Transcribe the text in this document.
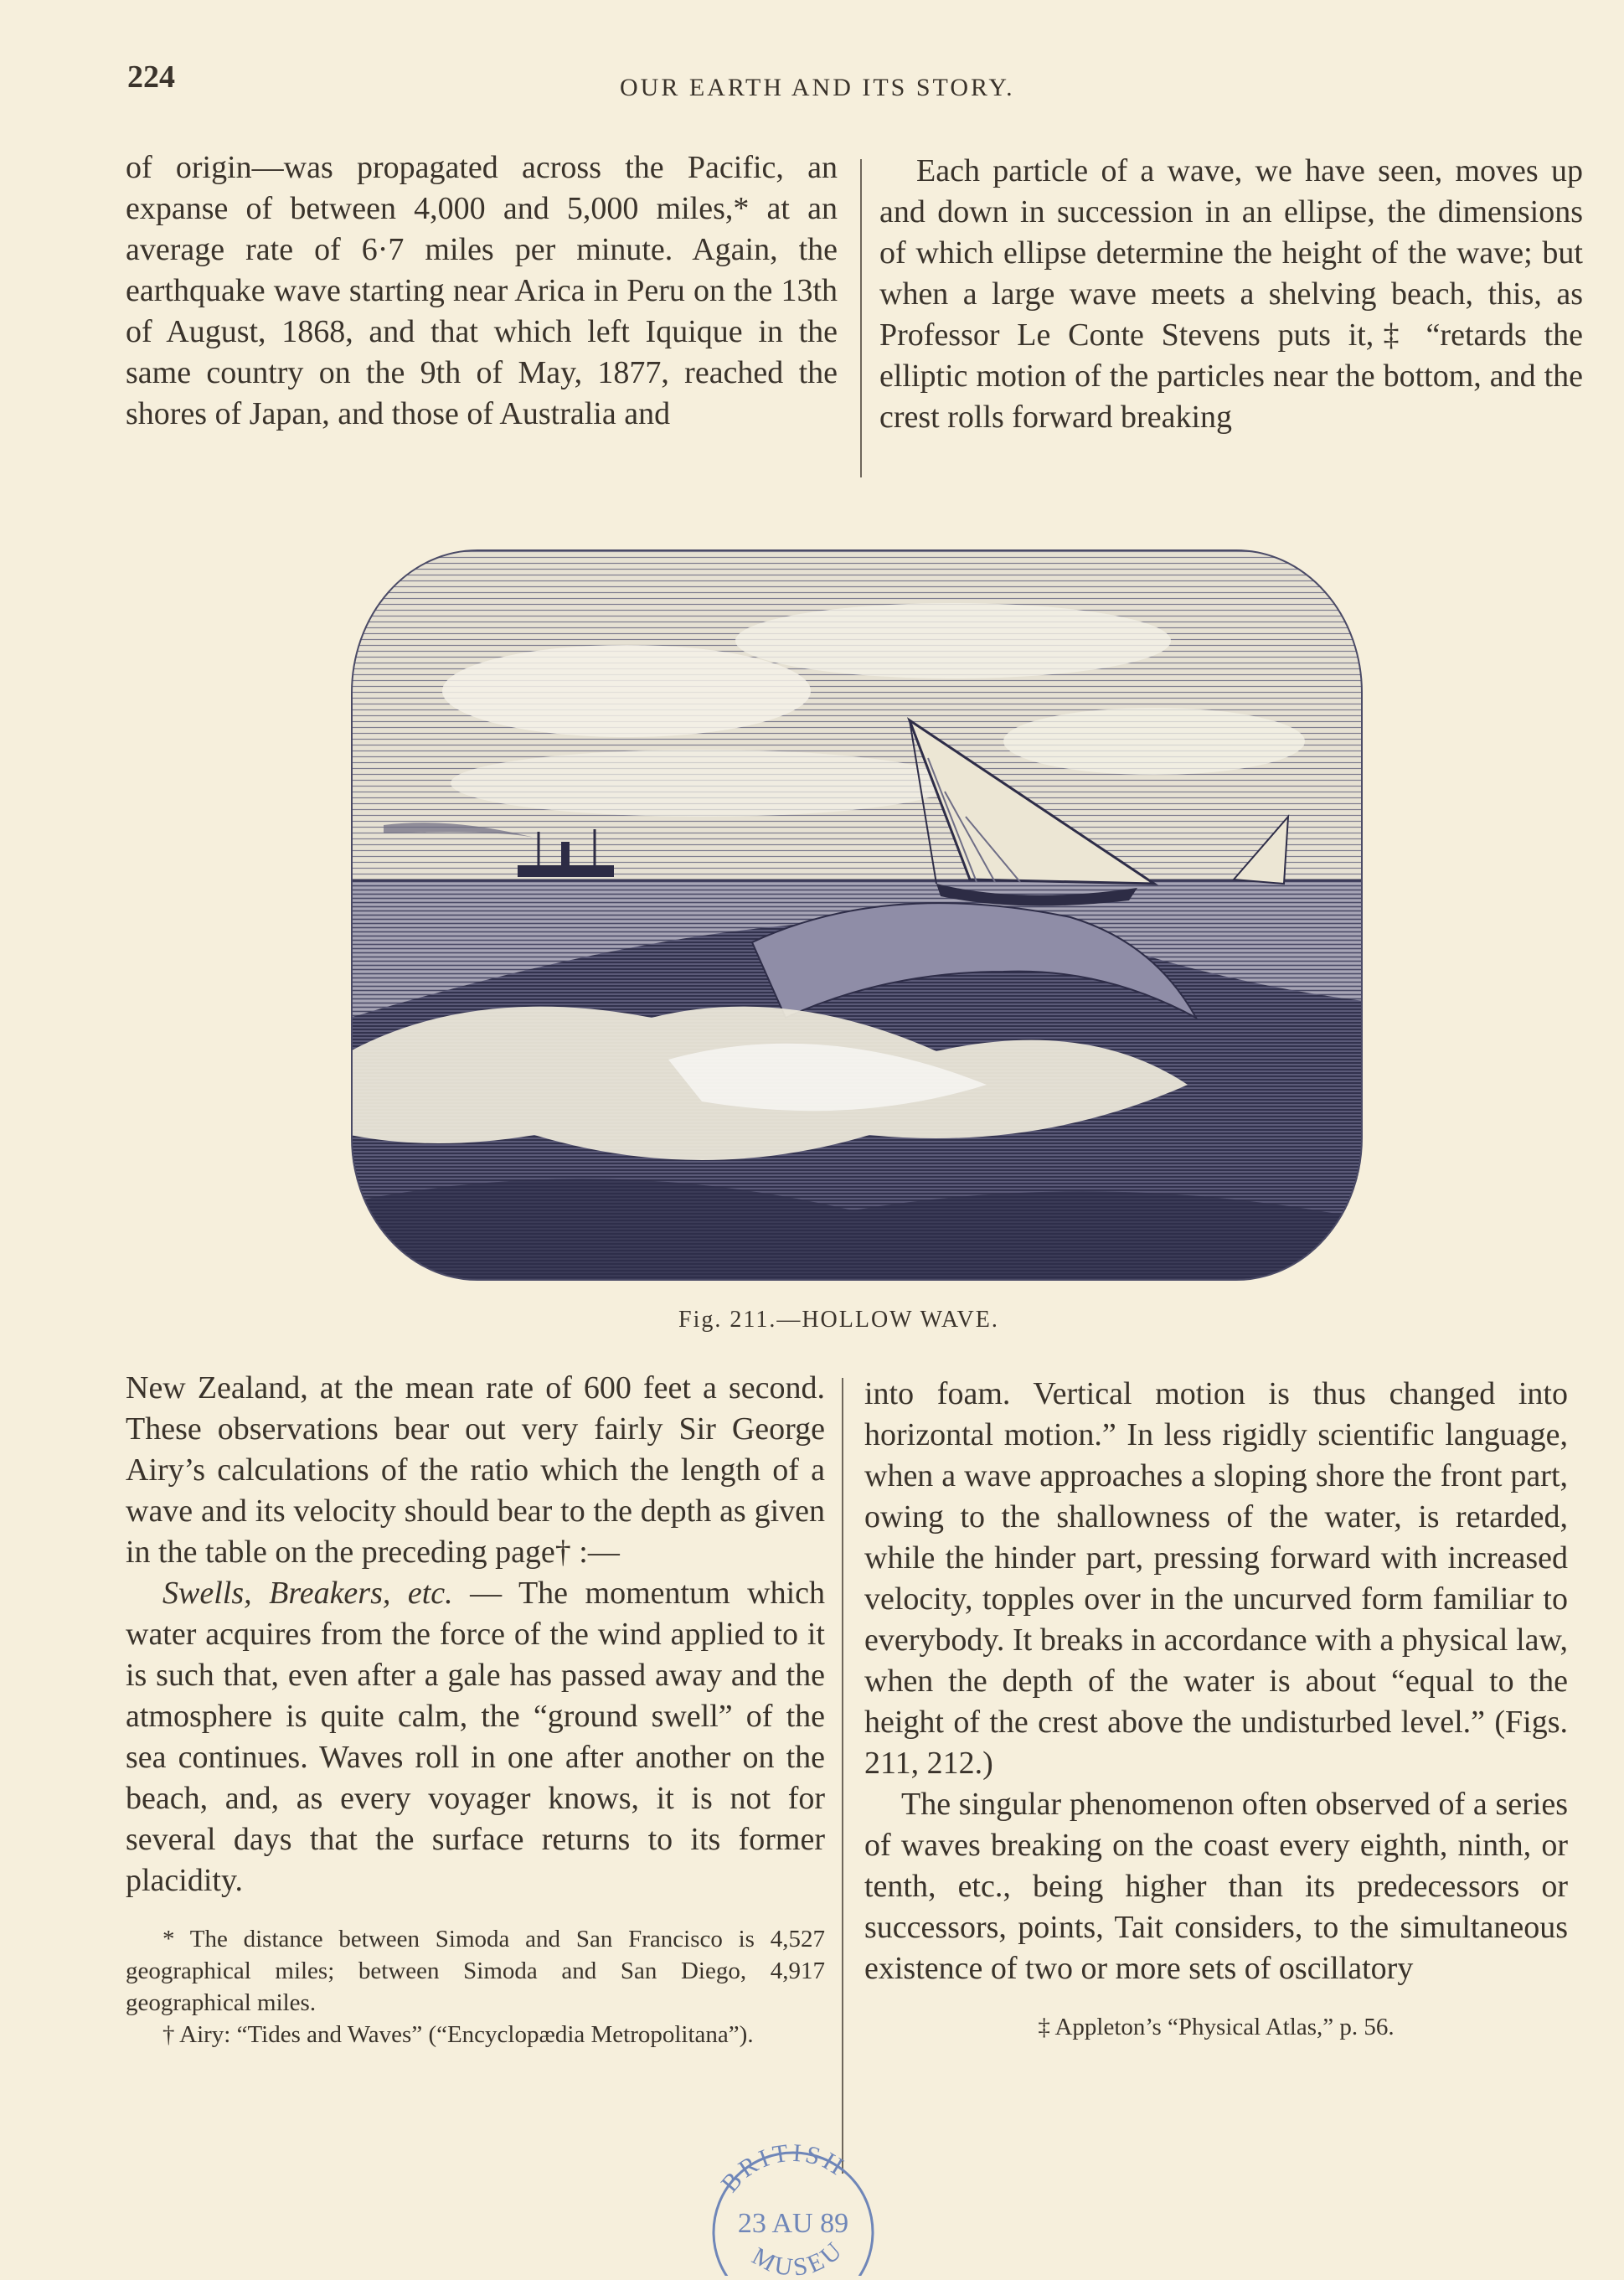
224	OUR EARTH AND ITS STORY.

of origin—was propagated across the Pacific, an expanse of between 4,000 and 5,000 miles,* at an average rate of 6·7 miles per minute. Again, the earthquake wave starting near Arica in Peru on the 13th of August, 1868, and that which left Iquique in the same country on the 9th of May, 1877, reached the shores of Japan, and those of Australia and

Each particle of a wave, we have seen, moves up and down in succession in an ellipse, the dimensions of which ellipse determine the height of the wave; but when a large wave meets a shelving beach, this, as Professor Le Conte Stevens puts it,‡ “retards the elliptic motion of the particles near the bottom, and the crest rolls forward breaking

Fig. 211.—HOLLOW WAVE.

New Zealand, at the mean rate of 600 feet a second. These observations bear out very fairly Sir George Airy’s calculations of the ratio which the length of a wave and its velocity should bear to the depth as given in the table on the preceding page† :—

Swells, Breakers, etc. — The momentum which water acquires from the force of the wind applied to it is such that, even after a gale has passed away and the atmosphere is quite calm, the “ground swell” of the sea continues. Waves roll in one after another on the beach, and, as every voyager knows, it is not for several days that the surface returns to its former placidity.

* The distance between Simoda and San Francisco is 4,527 geographical miles; between Simoda and San Diego, 4,917 geographical miles.

† Airy: “Tides and Waves” (“Encyclopædia Metropolitana”).

into foam. Vertical motion is thus changed into horizontal motion.” In less rigidly scientific language, when a wave approaches a sloping shore the front part, owing to the shallowness of the water, is retarded, while the hinder part, pressing forward with increased velocity, topples over in the uncurved form familiar to everybody. It breaks in accordance with a physical law, when the depth of the water is about “equal to the height of the crest above the undisturbed level.” (Figs. 211, 212.)

The singular phenomenon often observed of a series of waves breaking on the coast every eighth, ninth, or tenth, etc., being higher than its predecessors or successors, points, Tait considers, to the simultaneous existence of two or more sets of oscillatory

‡ Appleton’s “Physical Atlas,” p. 56.

BRITISH
23 AU 89
MUSEU
